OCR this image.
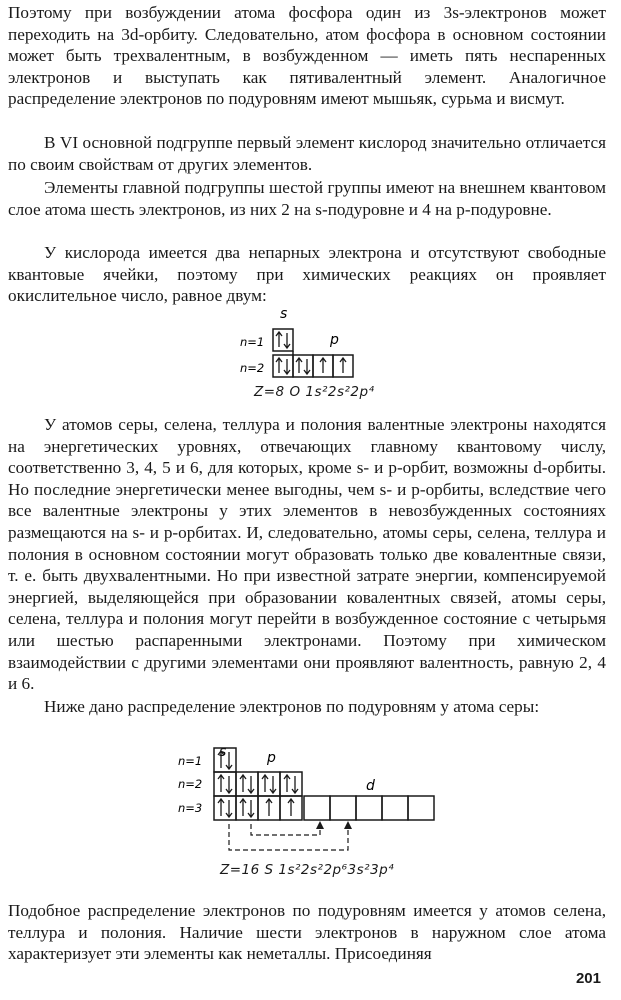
Поэтому при возбуждении атома фосфора один из 3s-электронов может переходить на 3d-орбиту. Следовательно, атом фосфора в основном состоянии может быть трехвалентным, в возбужденном — иметь пять неспаренных электронов и выступать как пятивалентный элемент. Аналогичное распределение электронов по подуровням имеют мышьяк, сурьма и висмут.

В VI основной подгруппе первый элемент кислород значительно отличается по своим свойствам от других элементов.

Элементы главной подгруппы шестой группы имеют на внешнем квантовом слое атома шесть электронов, из них 2 на s-подуровне и 4 на p-подуровне.

У кислорода имеется два непарных электрона и отсутствуют свободные квантовые ячейки, поэтому при химических реакциях он проявляет окислительное число, равное двум:

s
p
n=1
n=2
Z=8 O 1s²2s²2p⁴

У атомов серы, селена, теллура и полония валентные электроны находятся на энергетических уровнях, отвечающих главному квантовому числу, соответственно 3, 4, 5 и 6, для которых, кроме s- и p-орбит, возможны d-орбиты. Но последние энергетически менее выгодны, чем s- и p-орбиты, вследствие чего все валентные электроны у этих элементов в невозбужденных состояниях размещаются на s- и p-орбитах. И, следовательно, атомы серы, селена, теллура и полония в основном состоянии могут образовать только две ковалентные связи, т. е. быть двухвалентными. Но при известной затрате энергии, компенсируемой энергией, выделяющейся при образовании ковалентных связей, атомы серы, селена, теллура и полония могут перейти в возбужденное состояние с четырьмя или шестью распаренными электронами. Поэтому при химическом взаимодействии с другими элементами они проявляют валентность, равную 2, 4 и 6.

Ниже дано распределение электронов по подуровням у атома серы:

s	p
d
n=1
n=2
n=3
Z=16 S 1s²2s²2p⁶3s²3p⁴

Подобное распределение электронов по подуровням имеется у атомов селена, теллура и полония. Наличие шести электронов в наружном слое атома характеризует эти элементы как неметаллы. Присоединяя

201
